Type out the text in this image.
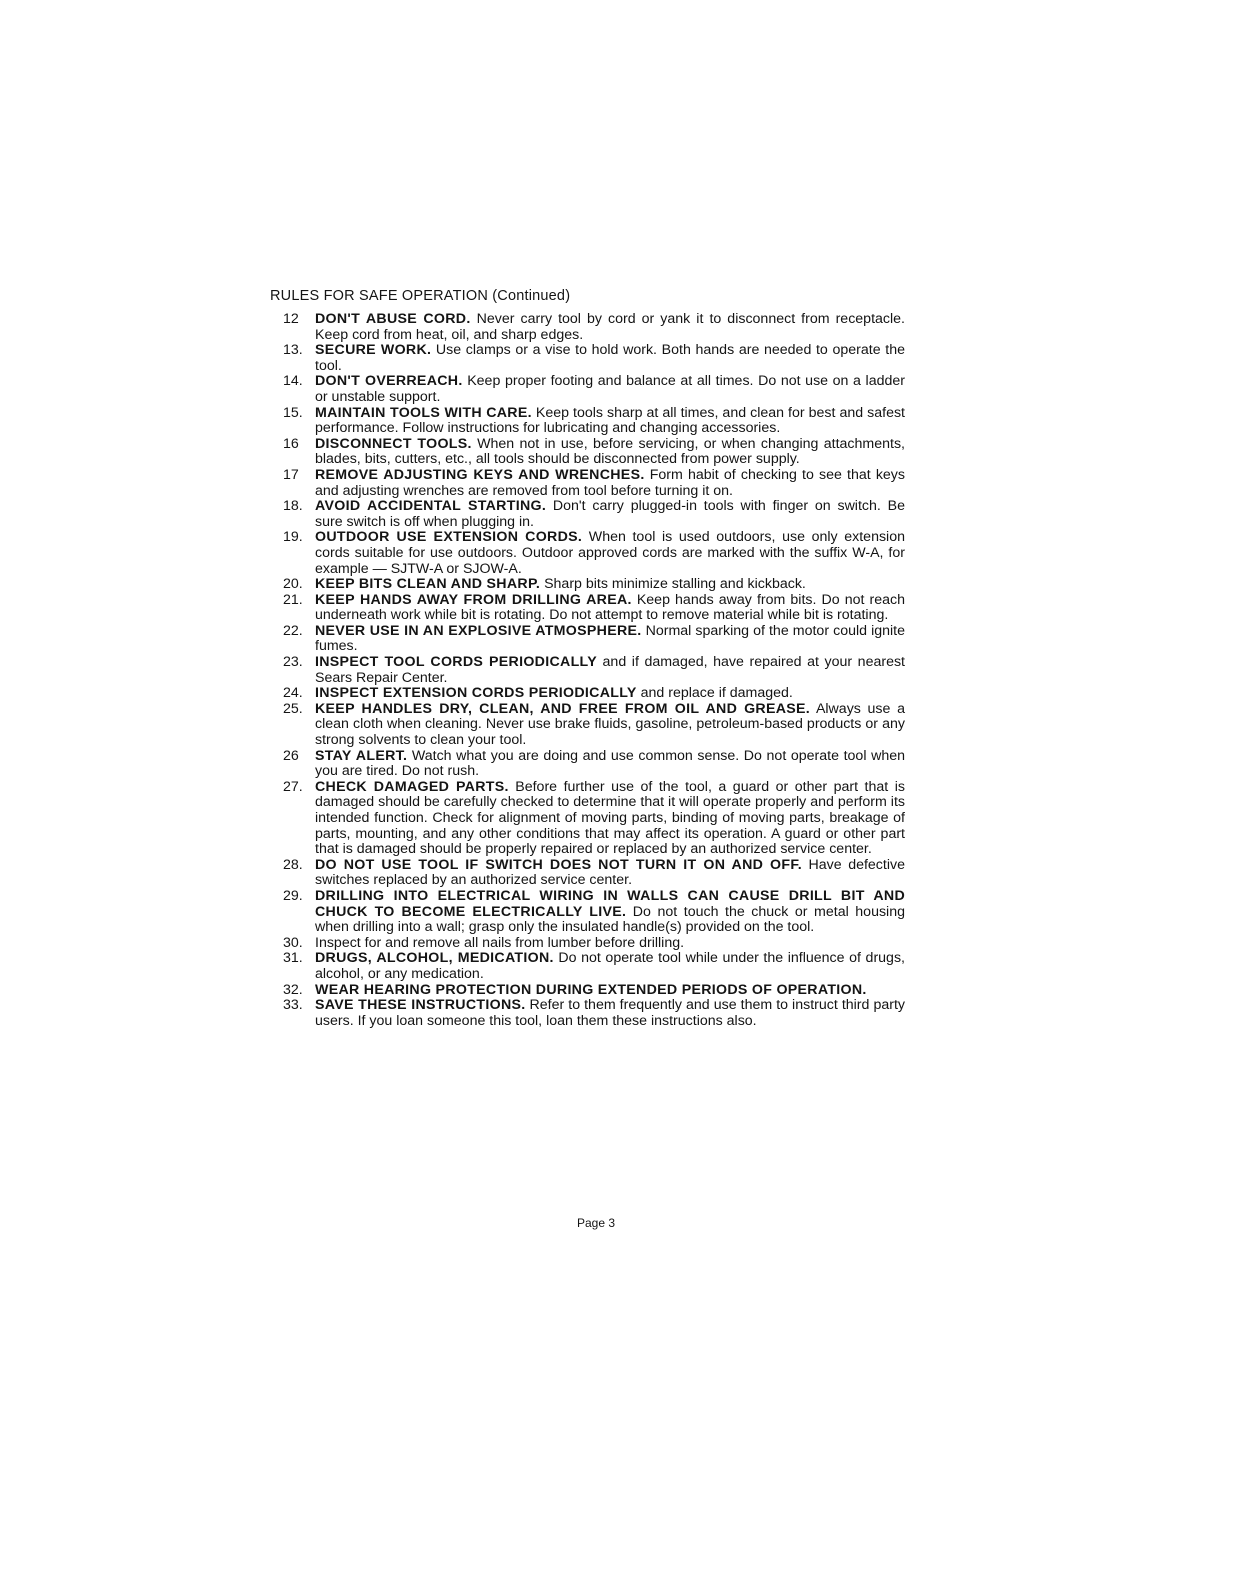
RULES FOR SAFE OPERATION (Continued)
12	DON'T ABUSE CORD. Never carry tool by cord or yank it to disconnect from receptacle. Keep cord from heat, oil, and sharp edges.
13. SECURE WORK. Use clamps or a vise to hold work. Both hands are needed to operate the tool.
14. DON'T OVERREACH. Keep proper footing and balance at all times. Do not use on a ladder or unstable support.
15. MAINTAIN TOOLS WITH CARE. Keep tools sharp at all times, and clean for best and safest performance. Follow instructions for lubricating and changing accessories.
16	DISCONNECT TOOLS. When not in use, before servicing, or when changing attachments, blades, bits, cutters, etc., all tools should be disconnected from power supply.
17	REMOVE ADJUSTING KEYS AND WRENCHES. Form habit of checking to see that keys and adjusting wrenches are removed from tool before turning it on.
18. AVOID ACCIDENTAL STARTING. Don't carry plugged-in tools with finger on switch. Be sure switch is off when plugging in.
19. OUTDOOR USE EXTENSION CORDS. When tool is used outdoors, use only extension cords suitable for use outdoors. Outdoor approved cords are marked with the suffix W-A, for example — SJTW-A or SJOW-A.
20. KEEP BITS CLEAN AND SHARP. Sharp bits minimize stalling and kickback.
21. KEEP HANDS AWAY FROM DRILLING AREA. Keep hands away from bits. Do not reach underneath work while bit is rotating. Do not attempt to remove material while bit is rotating.
22. NEVER USE IN AN EXPLOSIVE ATMOSPHERE. Normal sparking of the motor could ignite fumes.
23. INSPECT TOOL CORDS PERIODICALLY and if damaged, have repaired at your nearest Sears Repair Center.
24. INSPECT EXTENSION CORDS PERIODICALLY and replace if damaged.
25. KEEP HANDLES DRY, CLEAN, AND FREE FROM OIL AND GREASE. Always use a clean cloth when cleaning. Never use brake fluids, gasoline, petroleum-based products or any strong solvents to clean your tool.
26	STAY ALERT. Watch what you are doing and use common sense. Do not operate tool when you are tired. Do not rush.
27. CHECK DAMAGED PARTS. Before further use of the tool, a guard or other part that is damaged should be carefully checked to determine that it will operate properly and perform its intended function. Check for alignment of moving parts, binding of moving parts, breakage of parts, mounting, and any other conditions that may affect its operation. A guard or other part that is damaged should be properly repaired or replaced by an authorized service center.
28. DO NOT USE TOOL IF SWITCH DOES NOT TURN IT ON AND OFF. Have defective switches replaced by an authorized service center.
29. DRILLING INTO ELECTRICAL WIRING IN WALLS CAN CAUSE DRILL BIT AND CHUCK TO BECOME ELECTRICALLY LIVE. Do not touch the chuck or metal housing when drilling into a wall; grasp only the insulated handle(s) provided on the tool.
30. Inspect for and remove all nails from lumber before drilling.
31. DRUGS, ALCOHOL, MEDICATION. Do not operate tool while under the influence of drugs, alcohol, or any medication.
32. WEAR HEARING PROTECTION DURING EXTENDED PERIODS OF OPERATION.
33. SAVE THESE INSTRUCTIONS. Refer to them frequently and use them to instruct third party users. If you loan someone this tool, loan them these instructions also.
Page 3
